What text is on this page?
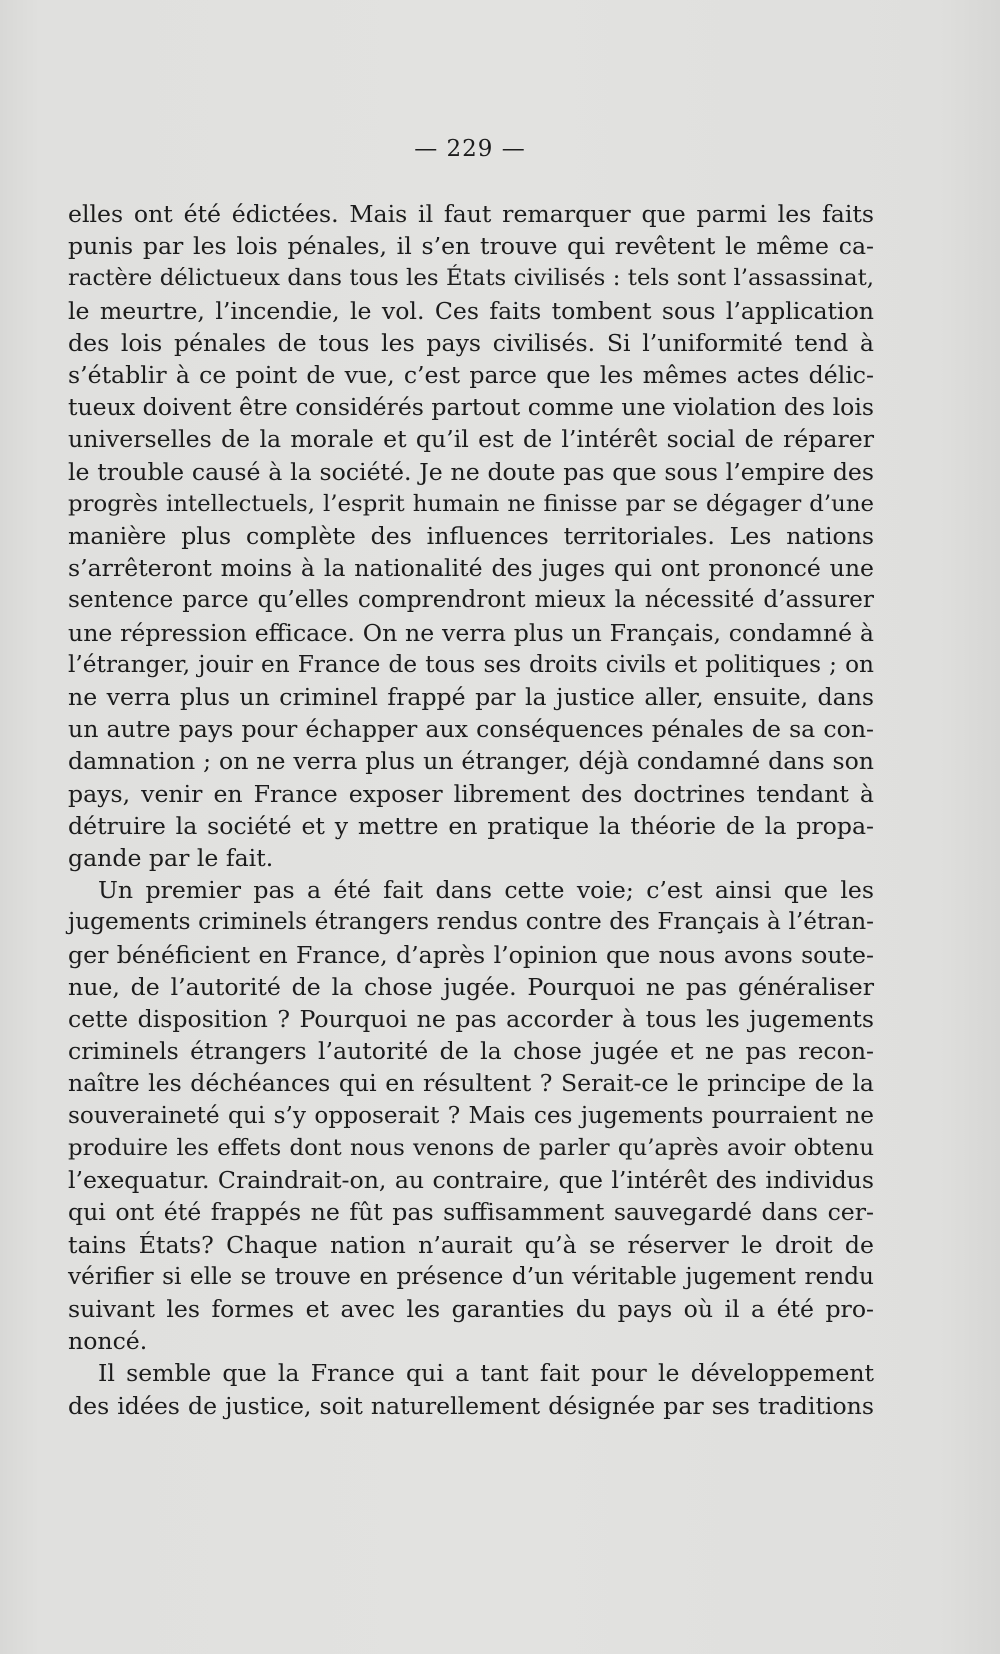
— 229 —
elles ont été édictées. Mais il faut remarquer que parmi les faits
punis par les lois pénales, il s’en trouve qui revêtent le même ca-
ractère délictueux dans tous les États civilisés : tels sont l’assassinat,
le meurtre, l’incendie, le vol. Ces faits tombent sous l’application
des lois pénales de tous les pays civilisés. Si l’uniformité tend à
s’établir à ce point de vue, c’est parce que les mêmes actes délic-
tueux doivent être considérés partout comme une violation des lois
universelles de la morale et qu’il est de l’intérêt social de réparer
le trouble causé à la société. Je ne doute pas que sous l’empire des
progrès intellectuels, l’esprit humain ne finisse par se dégager d’une
manière plus complète des influences territoriales. Les nations
s’arrêteront moins à la nationalité des juges qui ont prononcé une
sentence parce qu’elles comprendront mieux la nécessité d’assurer
une répression efficace. On ne verra plus un Français, condamné à
l’étranger, jouir en France de tous ses droits civils et politiques ; on
ne verra plus un criminel frappé par la justice aller, ensuite, dans
un autre pays pour échapper aux conséquences pénales de sa con-
damnation ; on ne verra plus un étranger, déjà condamné dans son
pays, venir en France exposer librement des doctrines tendant à
détruire la société et y mettre en pratique la théorie de la propa-
gande par le fait.
Un premier pas a été fait dans cette voie; c’est ainsi que les
jugements criminels étrangers rendus contre des Français à l’étran-
ger bénéficient en France, d’après l’opinion que nous avons soute-
nue, de l’autorité de la chose jugée. Pourquoi ne pas généraliser
cette disposition ? Pourquoi ne pas accorder à tous les jugements
criminels étrangers l’autorité de la chose jugée et ne pas recon-
naître les déchéances qui en résultent ? Serait-ce le principe de la
souveraineté qui s’y opposerait ? Mais ces jugements pourraient ne
produire les effets dont nous venons de parler qu’après avoir obtenu
l’exequatur. Craindrait-on, au contraire, que l’intérêt des individus
qui ont été frappés ne fût pas suffisamment sauvegardé dans cer-
tains États? Chaque nation n’aurait qu’à se réserver le droit de
vérifier si elle se trouve en présence d’un véritable jugement rendu
suivant les formes et avec les garanties du pays où il a été pro-
noncé.
Il semble que la France qui a tant fait pour le développement
des idées de justice, soit naturellement désignée par ses traditions
